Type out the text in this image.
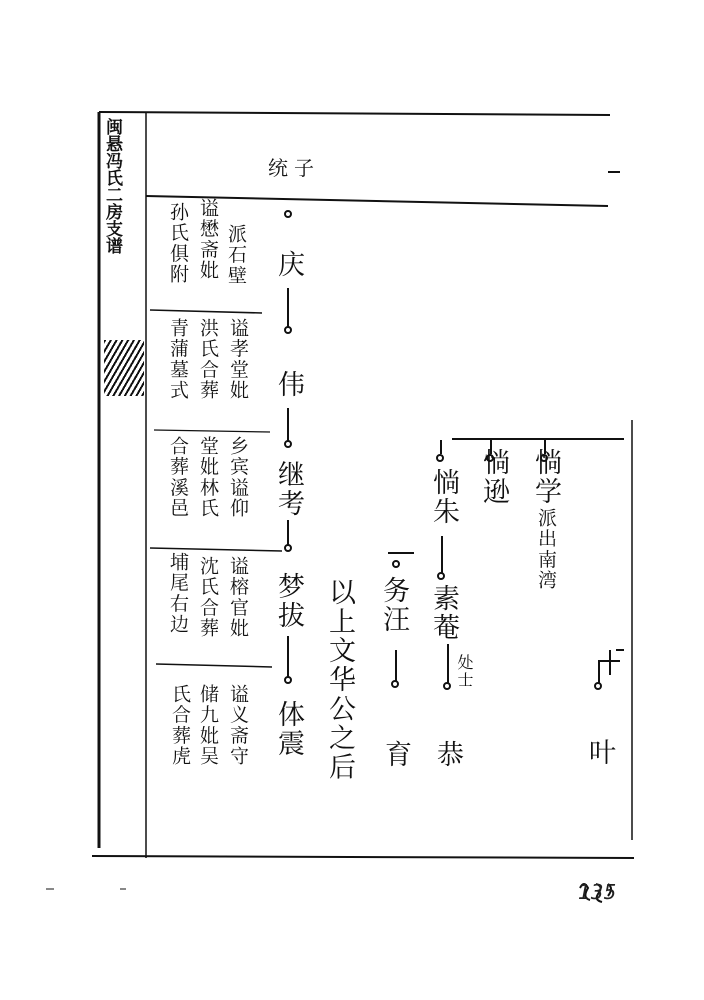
闽悬冯氏二房支谱	统子
派石壁
谥懋斋妣
孙氏俱附
谥孝堂妣
洪氏合葬
青蒲墓式
乡宾谥仰
堂妣林氏
合葬溪邑
谥榕官妣
沈氏合葬
埔尾右边
谥义斋守
储九妣吴
氏合葬虎
庆
伟
继考
梦拔
体震 以上文华公之后
惝学
派出南湾
惝逊
惝朱
素菴
处士
恭
务汪
育	叶
135
